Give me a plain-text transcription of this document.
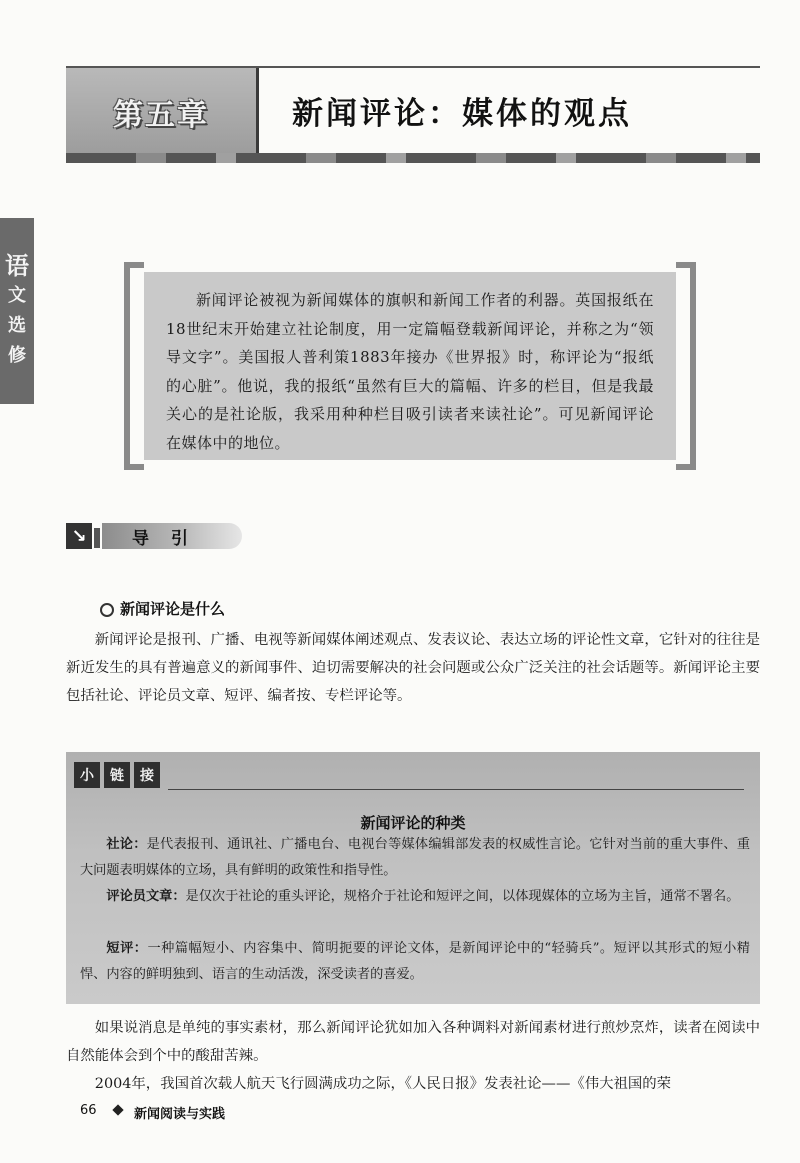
第五章	新闻评论：媒体的观点
语
文
选
修
新闻评论被视为新闻媒体的旗帜和新闻工作者的利器。英国报纸在18世纪末开始建立社论制度，用一定篇幅登载新闻评论，并称之为“领导文字”。美国报人普利策1883年接办《世界报》时，称评论为“报纸的心脏”。他说，我的报纸“虽然有巨大的篇幅、许多的栏目，但是我最关心的是社论版，我采用种种栏目吸引读者来读社论”。可见新闻评论在媒体中的地位。
↘	导引
新闻评论是什么
新闻评论是报刊、广播、电视等新闻媒体阐述观点、发表议论、表达立场的评论性文章，它针对的往往是新近发生的具有普遍意义的新闻事件、迫切需要解决的社会问题或公众广泛关注的社会话题等。新闻评论主要包括社论、评论员文章、短评、编者按、专栏评论等。
小	链	接
新闻评论的种类
社论：是代表报刊、通讯社、广播电台、电视台等媒体编辑部发表的权威性言论。它针对当前的重大事件、重大问题表明媒体的立场，具有鲜明的政策性和指导性。
评论员文章：是仅次于社论的重头评论，规格介于社论和短评之间，以体现媒体的立场为主旨，通常不署名。
短评：一种篇幅短小、内容集中、简明扼要的评论文体，是新闻评论中的“轻骑兵”。短评以其形式的短小精悍、内容的鲜明独到、语言的生动活泼，深受读者的喜爱。
如果说消息是单纯的事实素材，那么新闻评论犹如加入各种调料对新闻素材进行煎炒烹炸，读者在阅读中自然能体会到个中的酸甜苦辣。
2004年，我国首次载人航天飞行圆满成功之际，《人民日报》发表社论——《伟大祖国的荣
66	新闻阅读与实践
